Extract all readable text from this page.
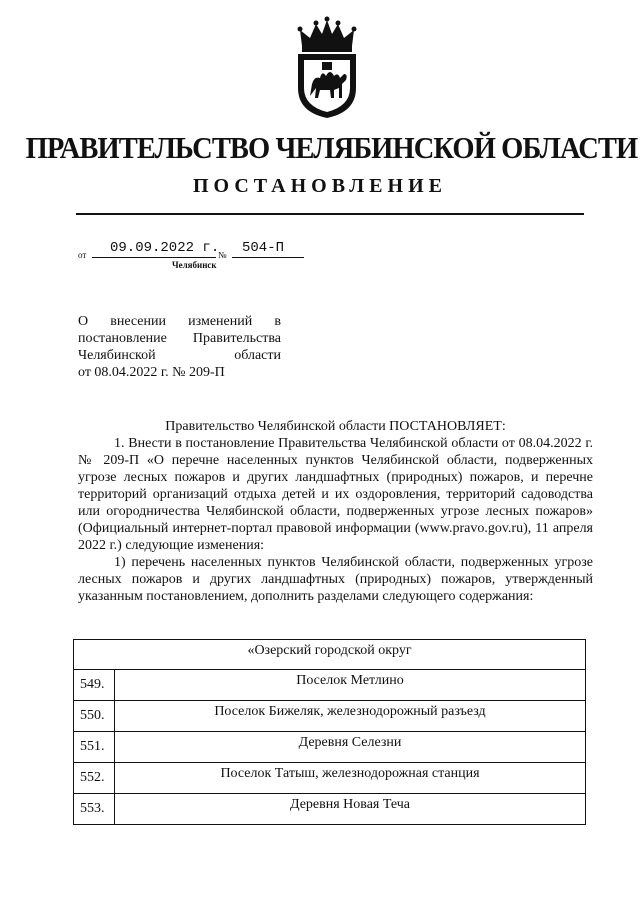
ПРАВИТЕЛЬСТВО ЧЕЛЯБИНСКОЙ ОБЛАСТИ
ПОСТАНОВЛЕНИЕ
от 09.09.2022 г.
№ 504-П
Челябинск
О внесении изменений в
постановление Правительства
Челябинской области
от 08.04.2022 г. № 209-П

Правительство Челябинской области ПОСТАНОВЛЯЕТ:

1. Внести в постановление Правительства Челябинской области от 08.04.2022 г. № 209-П «О перечне населенных пунктов Челябинской области, подверженных угрозе лесных пожаров и других ландшафтных (природных) пожаров, и перечне территорий организаций отдыха детей и их оздоровления, территорий садоводства или огородничества Челябинской области, подверженных угрозе лесных пожаров» (Официальный интернет-портал правовой информации (www.pravo.gov.ru), 11 апреля 2022 г.) следующие изменения:

1) перечень населенных пунктов Челябинской области, подверженных угрозе лесных пожаров и других ландшафтных (природных) пожаров, утвержденный указанным постановлением, дополнить разделами следующего содержания:

«Озерский городской округ	
549.	Поселок Метлино
550.	Поселок Бижеляк, железнодорожный разъезд
551.	Деревня Селезни
552.	Поселок Татыш, железнодорожная станция
553.	Деревня Новая Теча
